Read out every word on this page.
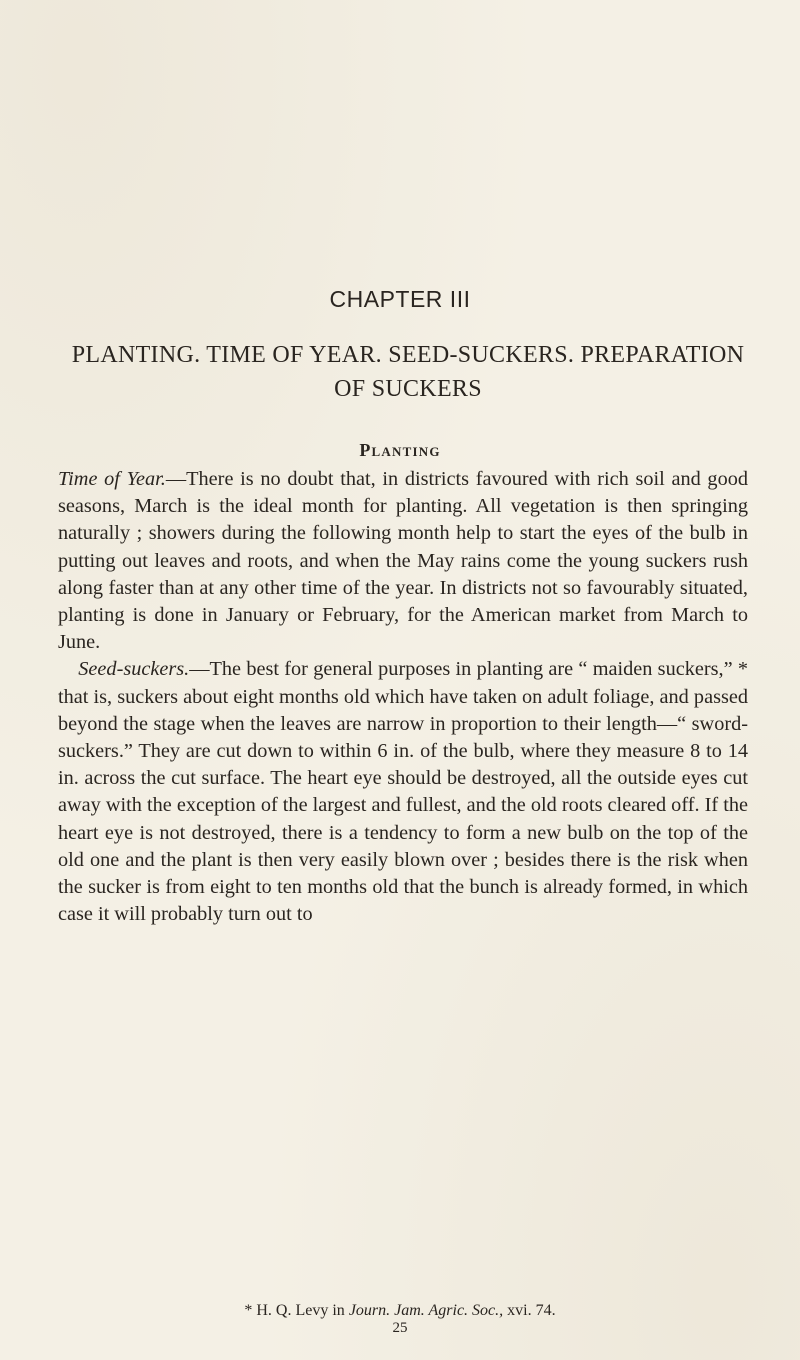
CHAPTER III
PLANTING. TIME OF YEAR. SEED-SUCKERS. PREPARATION OF SUCKERS
Planting

Time of Year.—There is no doubt that, in districts favoured with rich soil and good seasons, March is the ideal month for planting. All vegetation is then springing naturally ; showers during the following month help to start the eyes of the bulb in putting out leaves and roots, and when the May rains come the young suckers rush along faster than at any other time of the year. In districts not so favourably situated, planting is done in January or February, for the American market from March to June.

 Seed-suckers.—The best for general purposes in planting are “ maiden suckers,” * that is, suckers about eight months old which have taken on adult foliage, and passed beyond the stage when the leaves are narrow in proportion to their length—“ sword-suckers.” They are cut down to within 6 in. of the bulb, where they measure 8 to 14 in. across the cut surface. The heart eye should be destroyed, all the outside eyes cut away with the exception of the largest and fullest, and the old roots cleared off. If the heart eye is not destroyed, there is a tendency to form a new bulb on the top of the old one and the plant is then very easily blown over ; besides there is the risk when the sucker is from eight to ten months old that the bunch is already formed, in which case it will probably turn out to

* H. Q. Levy in Journ. Jam. Agric. Soc., xvi. 74.
25
